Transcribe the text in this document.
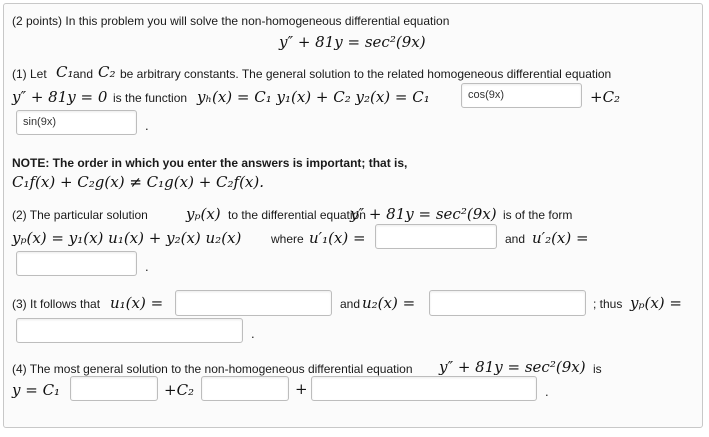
(2 points) In this problem you will solve the non-homogeneous differential equation
y″ + 81y = sec²(9x)
(1) Let C₁ and C₂ be arbitrary constants. The general solution to the related homogeneous differential equation
y″ + 81y = 0 is the function yₕ(x) = C₁ y₁(x) + C₂ y₂(x) = C₁	cos(9x)	+C₂
sin(9x)	.
NOTE: The order in which you enter the answers is important; that is,
C₁f(x) + C₂g(x) ≠ C₁g(x) + C₂f(x).
(2) The particular solution	yₚ(x) to the differential equation
y″ + 81y = sec²(9x) is of the form
yₚ(x) = y₁(x) u₁(x) + y₂(x) u₂(x) where u′₁(x) =	and u′₂(x) =
.
(3) It follows that u₁(x) =	and u₂(x) =	; thus yₚ(x) =
.
(4) The most general solution to the non-homogeneous differential equation y″ + 81y = sec²(9x) is
y = C₁	+C₂	+	.
